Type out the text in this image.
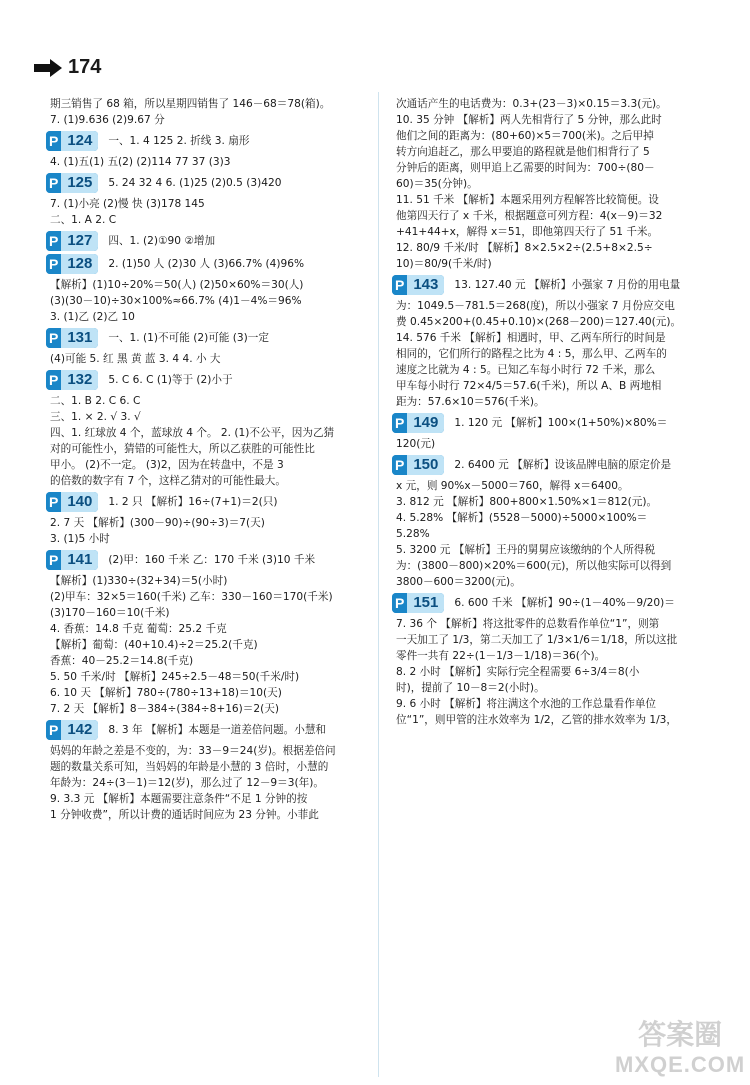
174
期三销售了 68 箱，所以星期四销售了 146－68＝78(箱)。
7. (1)9.636 (2)9.67 分
P 124	一、1. 4 125 2. 折线 3. 扇形
4. (1)五(1) 五(2) (2)114 77 37 (3)3
P 125	5. 24 32 4 6. (1)25 (2)0.5 (3)420
7. (1)小亮 (2)慢 快 (3)178 145
二、1. A 2. C
P 127	四、1. (2)①90 ②增加
P 128	2. (1)50 人 (2)30 人 (3)66.7% (4)96%
【解析】(1)10÷20%＝50(人) (2)50×60%＝30(人)
(3)(30－10)÷30×100%≈66.7% (4)1－4%＝96%
3. (1)乙 (2)乙 10
P 131	一、1. (1)不可能 (2)可能 (3)一定
(4)可能 5. 红 黑 黄 蓝 3. 4 4. 小 大
P 132	5. C 6. C (1)等于 (2)小于
二、1. B 2. C 6. C
三、1. × 2. √ 3. √
四、1. 红球放 4 个，蓝球放 4 个。 2. (1)不公平，因为乙猜
对的可能性小，猜错的可能性大，所以乙获胜的可能性比
甲小。 (2)不一定。 (3)2，因为在转盘中，不是 3
的倍数的数字有 7 个，这样乙猜对的可能性最大。
P 140	1. 2 只 【解析】16÷(7+1)＝2(只)
2. 7 天 【解析】(300－90)÷(90÷3)＝7(天)
3. (1)5 小时
P 141	(2)甲：160 千米 乙：170 千米 (3)10 千米
【解析】(1)330÷(32+34)＝5(小时)
(2)甲车：32×5＝160(千米) 乙车：330－160＝170(千米)
(3)170－160＝10(千米)
4. 香蕉：14.8 千克 葡萄：25.2 千克
【解析】葡萄：(40+10.4)÷2＝25.2(千克)
香蕉：40－25.2＝14.8(千克)
5. 50 千米/时 【解析】245÷2.5－48＝50(千米/时)
6. 10 天 【解析】780÷(780÷13+18)＝10(天)
7. 2 天 【解析】8－384÷(384÷8+16)＝2(天)
P 142	8. 3 年 【解析】本题是一道差倍问题。小慧和
妈妈的年龄之差是不变的，为：33－9＝24(岁)。根据差倍问
题的数量关系可知，当妈妈的年龄是小慧的 3 倍时，小慧的
年龄为：24÷(3－1)＝12(岁)，那么过了 12－9＝3(年)。
9. 3.3 元 【解析】本题需要注意条件“不足 1 分钟的按
1 分钟收费”，所以计费的通话时间应为 23 分钟。小菲此
次通话产生的电话费为：0.3+(23－3)×0.15＝3.3(元)。
10. 35 分钟 【解析】两人先相背行了 5 分钟，那么此时
他们之间的距离为：(80+60)×5＝700(米)。之后甲掉
转方向追赶乙，那么甲要追的路程就是他们相背行了 5
分钟后的距离，则甲追上乙需要的时间为：700÷(80－
60)＝35(分钟)。
11. 51 千米 【解析】本题采用列方程解答比较简便。设
他第四天行了 x 千米，根据题意可列方程：4(x－9)＝32
+41+44+x，解得 x＝51，即他第四天行了 51 千米。
12. 80/9 千米/时 【解析】8×2.5×2÷(2.5+8×2.5÷
10)＝80/9(千米/时)
P 143	13. 127.40 元 【解析】小强家 7 月份的用电量
为：1049.5－781.5＝268(度)，所以小强家 7 月份应交电
费 0.45×200+(0.45+0.10)×(268－200)＝127.40(元)。
14. 576 千米 【解析】相遇时，甲、乙两车所行的时间是
相同的，它们所行的路程之比为 4 : 5，那么甲、乙两车的
速度之比就为 4 : 5。已知乙车每小时行 72 千米，那么
甲车每小时行 72×4/5＝57.6(千米)，所以 A、B 两地相
距为：57.6×10＝576(千米)。
P 149	1. 120 元 【解析】100×(1+50%)×80%＝
120(元)
P 150	2. 6400 元 【解析】设该品牌电脑的原定价是
x 元，则 90%x－5000＝760，解得 x＝6400。
3. 812 元 【解析】800+800×1.50%×1＝812(元)。
4. 5.28% 【解析】(5528－5000)÷5000×100%＝
5.28%
5. 3200 元 【解析】王丹的舅舅应该缴纳的个人所得税
为：(3800－800)×20%＝600(元)，所以他实际可以得到
3800－600＝3200(元)。
P 151	6. 600 千米 【解析】90÷(1－40%－9/20)＝
7. 36 个 【解析】将这批零件的总数看作单位“1”，则第
一天加工了 1/3，第二天加工了 1/3×1/6＝1/18，所以这批
零件一共有 22÷(1－1/3－1/18)＝36(个)。
8. 2 小时 【解析】实际行完全程需要 6÷3/4＝8(小
时)，提前了 10－8＝2(小时)。
9. 6 小时 【解析】将注满这个水池的工作总量看作单位
位“1”，则甲管的注水效率为 1/2，乙管的排水效率为 1/3，
答案圈
MXQE.COM
